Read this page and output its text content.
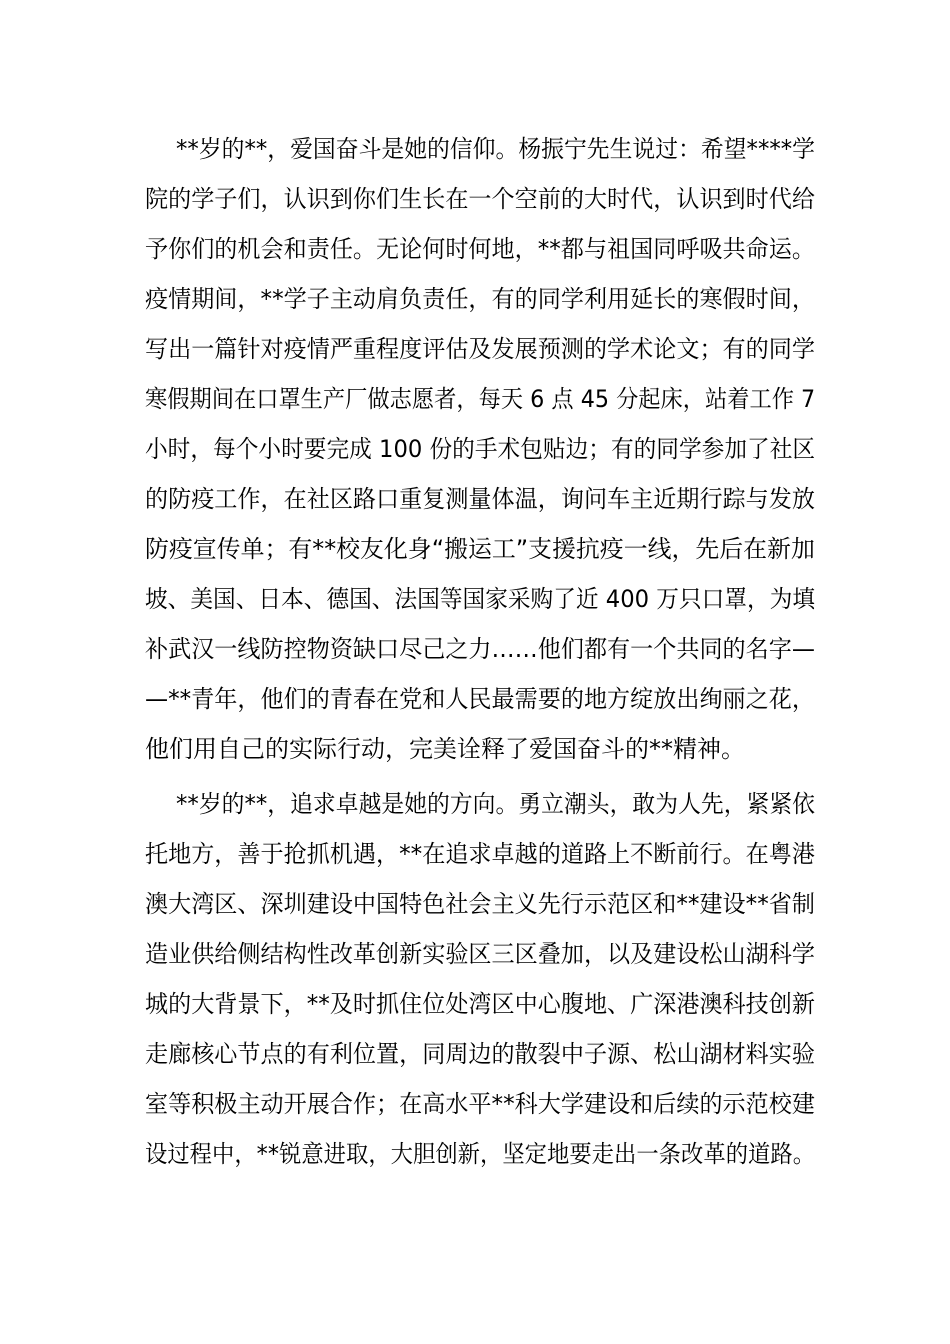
**岁的**，爱国奋斗是她的信仰。杨振宁先生说过：希望****学
院的学子们，认识到你们生长在一个空前的大时代，认识到时代给
予你们的机会和责任。无论何时何地，**都与祖国同呼吸共命运。
疫情期间，**学子主动肩负责任，有的同学利用延长的寒假时间，
写出一篇针对疫情严重程度评估及发展预测的学术论文；有的同学
寒假期间在口罩生产厂做志愿者，每天 6 点 45 分起床，站着工作 7
小时，每个小时要完成 100 份的手术包贴边；有的同学参加了社区
的防疫工作，在社区路口重复测量体温，询问车主近期行踪与发放
防疫宣传单；有**校友化身“搬运工”支援抗疫一线，先后在新加
坡、美国、日本、德国、法国等国家采购了近 400 万只口罩，为填
补武汉一线防控物资缺口尽己之力……他们都有一个共同的名字—
—**青年，他们的青春在党和人民最需要的地方绽放出绚丽之花，
他们用自己的实际行动，完美诠释了爱国奋斗的**精神。
**岁的**，追求卓越是她的方向。勇立潮头，敢为人先，紧紧依
托地方，善于抢抓机遇，**在追求卓越的道路上不断前行。在粤港
澳大湾区、深圳建设中国特色社会主义先行示范区和**建设**省制
造业供给侧结构性改革创新实验区三区叠加，以及建设松山湖科学
城的大背景下，**及时抓住位处湾区中心腹地、广深港澳科技创新
走廊核心节点的有利位置，同周边的散裂中子源、松山湖材料实验
室等积极主动开展合作；在高水平**科大学建设和后续的示范校建
设过程中，**锐意进取，大胆创新，坚定地要走出一条改革的道路。
